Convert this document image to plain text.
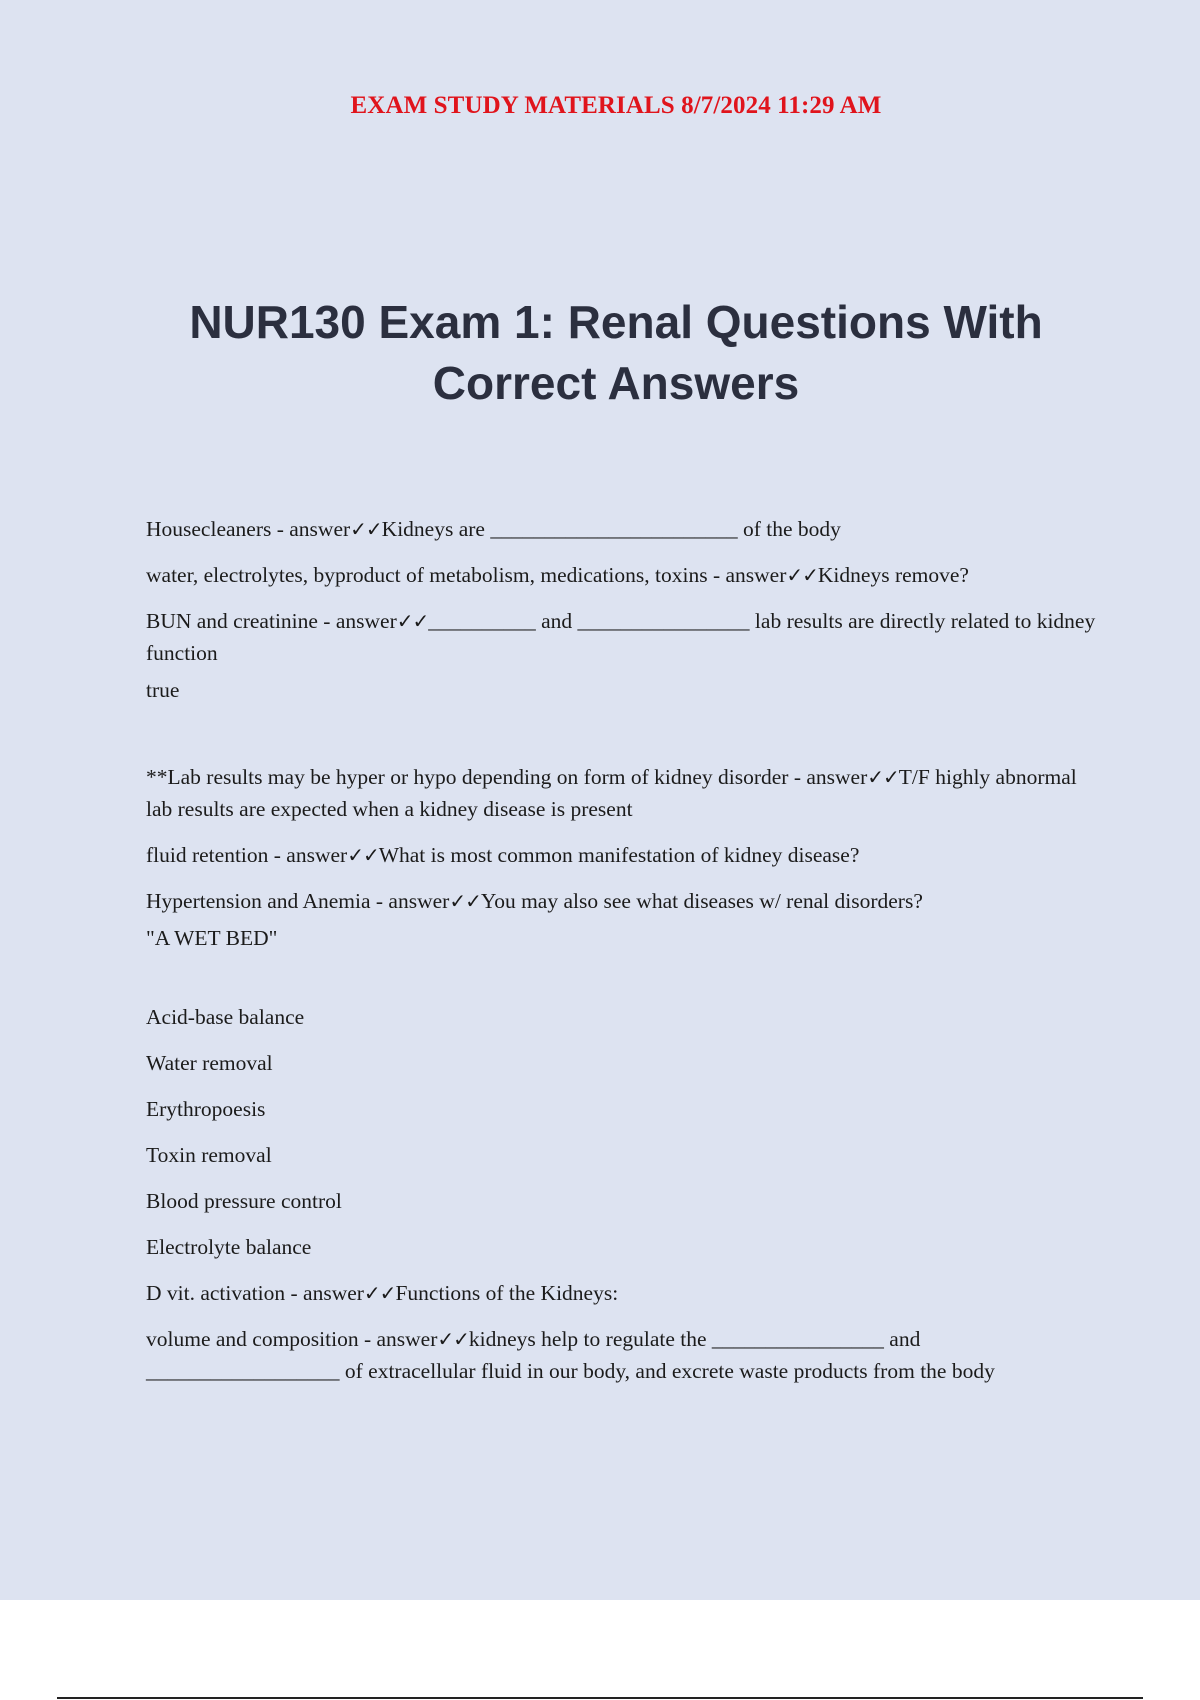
EXAM STUDY MATERIALS 8/7/2024 11:29 AM
NUR130 Exam 1: Renal Questions With Correct Answers

Housecleaners - answer✓✓Kidneys are _______________________ of the body

water, electrolytes, byproduct of metabolism, medications, toxins - answer✓✓Kidneys remove?

BUN and creatinine - answer✓✓__________ and ________________ lab results are directly related to kidney function

true

**Lab results may be hyper or hypo depending on form of kidney disorder - answer✓✓T/F highly abnormal lab results are expected when a kidney disease is present

fluid retention - answer✓✓What is most common manifestation of kidney disease?

Hypertension and Anemia - answer✓✓You may also see what diseases w/ renal disorders?

"A WET BED"

Acid-base balance

Water removal

Erythropoesis

Toxin removal

Blood pressure control

Electrolyte balance

D vit. activation - answer✓✓Functions of the Kidneys:

volume and composition - answer✓✓kidneys help to regulate the ________________ and __________________ of extracellular fluid in our body, and excrete waste products from the body
